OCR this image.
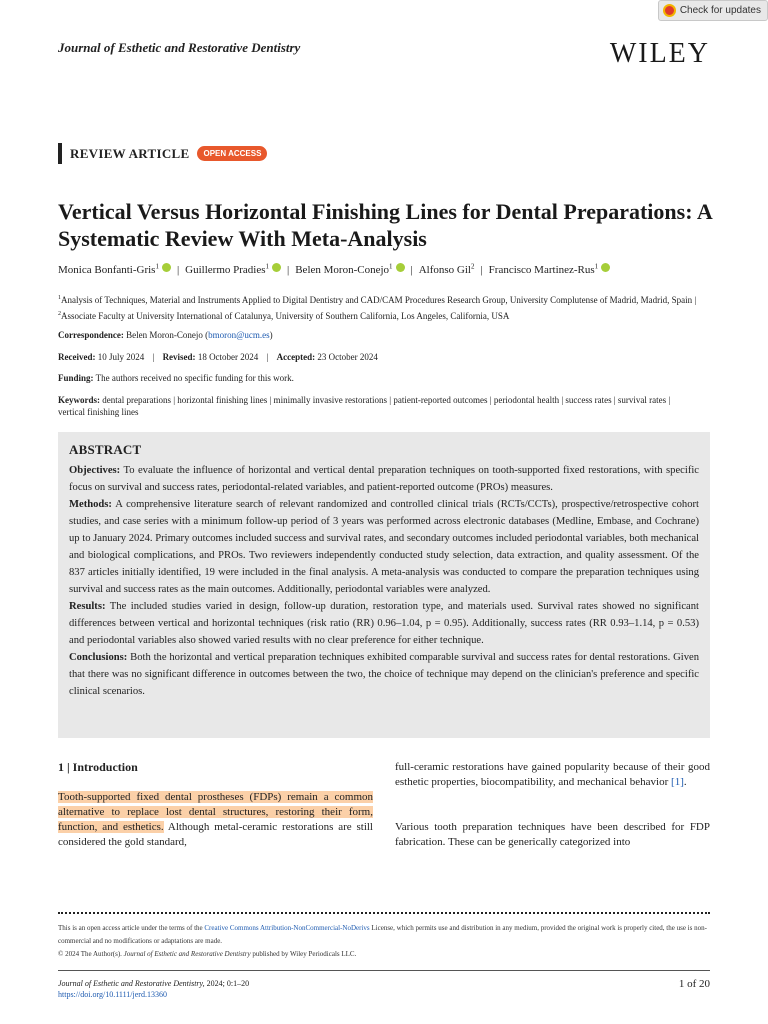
Check for updates
Journal of Esthetic and Restorative Dentistry	WILEY
REVIEW ARTICLE	OPEN ACCESS
Vertical Versus Horizontal Finishing Lines for Dental Preparations: A Systematic Review With Meta-Analysis
Monica Bonfanti-Gris$^1$ | Guillermo Pradies$^1$ | Belen Moron-Conejo$^1$ | Alfonso Gil$^2$ | Francisco Martinez-Rus$^1$
$^1$Analysis of Techniques, Material and Instruments Applied to Digital Dentistry and CAD/CAM Procedures Research Group, University Complutense of Madrid, Madrid, Spain | $^2$Associate Faculty at University International of Catalunya, University of Southern California, Los Angeles, California, USA
Correspondence: Belen Moron-Conejo (bmoron@ucm.es)
Received: 10 July 2024 | Revised: 18 October 2024 | Accepted: 23 October 2024
Funding: The authors received no specific funding for this work.
Keywords: dental preparations | horizontal finishing lines | minimally invasive restorations | patient-reported outcomes | periodontal health | success rates | survival rates | vertical finishing lines
ABSTRACT

Objectives: To evaluate the influence of horizontal and vertical dental preparation techniques on tooth-supported fixed restorations, with specific focus on survival and success rates, periodontal-related variables, and patient-reported outcome (PROs) measures.

Methods: A comprehensive literature search of relevant randomized and controlled clinical trials (RCTs/CCTs), prospective/retrospective cohort studies, and case series with a minimum follow-up period of 3 years was performed across electronic databases (Medline, Embase, and Cochrane) up to January 2024. Primary outcomes included success and survival rates, and secondary outcomes included periodontal variables, both mechanical and biological complications, and PROs. Two reviewers independently conducted study selection, data extraction, and quality assessment. Of the 837 articles initially identified, 19 were included in the final analysis. A meta-analysis was conducted to compare the preparation techniques using survival and success rates as the main outcomes. Additionally, periodontal variables were analyzed.

Results: The included studies varied in design, follow-up duration, restoration type, and materials used. Survival rates showed no significant differences between vertical and horizontal techniques (risk ratio (RR) 0.96–1.04, p = 0.95). Additionally, success rates (RR 0.93–1.14, p = 0.53) and periodontal variables also showed varied results with no clear preference for either technique.

Conclusions: Both the horizontal and vertical preparation techniques exhibited comparable survival and success rates for dental restorations. Given that there was no significant difference in outcomes between the two, the choice of technique may depend on the clinician's preference and specific clinical scenarios.

1 | Introduction
Tooth-supported fixed dental prostheses (FDPs) remain a common alternative to replace lost dental structures, restoring their form, function, and esthetics. Although metal-ceramic restorations are still considered the gold standard,
full-ceramic restorations have gained popularity because of their good esthetic properties, biocompatibility, and mechanical behavior [1].
Various tooth preparation techniques have been described for FDP fabrication. These can be generically categorized into
This is an open access article under the terms of the Creative Commons Attribution-NonCommercial-NoDerivs License, which permits use and distribution in any medium, provided the original work is properly cited, the use is non-commercial and no modifications or adaptations are made.
© 2024 The Author(s). Journal of Esthetic and Restorative Dentistry published by Wiley Periodicals LLC.
Journal of Esthetic and Restorative Dentistry, 2024; 0:1–20
https://doi.org/10.1111/jerd.13360
1 of 20
